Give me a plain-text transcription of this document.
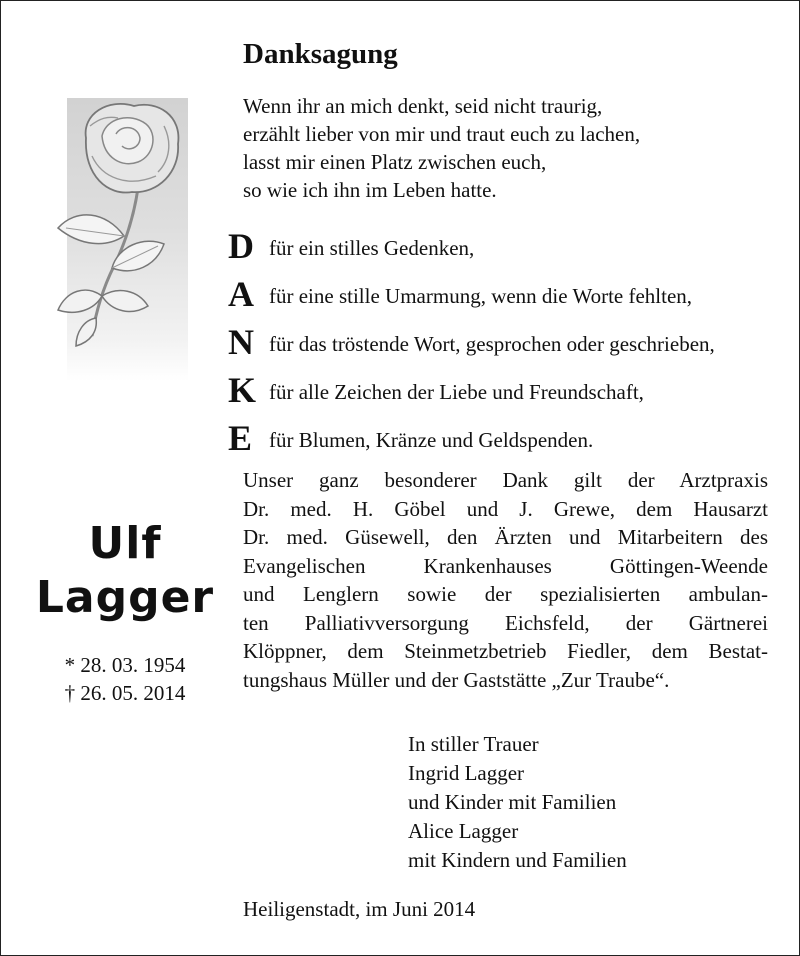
Ulf
Lagger
* 28. 03. 1954
† 26. 05. 2014
Danksagung
Wenn ihr an mich denkt, seid nicht traurig,
erzählt lieber von mir und traut euch zu lachen,
lasst mir einen Platz zwischen euch,
so wie ich ihn im Leben hatte.
D für ein stilles Gedenken,
A für eine stille Umarmung, wenn die Worte fehlten,
N für das tröstende Wort, gesprochen oder geschrieben,
K für alle Zeichen der Liebe und Freundschaft,
E für Blumen, Kränze und Geldspenden.
Unser ganz besonderer Dank gilt der Arztpraxis
Dr. med. H. Göbel und J. Grewe, dem Hausarzt
Dr. med. Güsewell, den Ärzten und Mitarbeitern des
Evangelischen Krankenhauses Göttingen-Weende
und Lenglern sowie der spezialisierten ambulan-
ten Palliativversorgung Eichsfeld, der Gärtnerei
Klöppner, dem Steinmetzbetrieb Fiedler, dem Bestat-
tungshaus Müller und der Gaststätte „Zur Traube“.
In stiller Trauer
Ingrid Lagger
und Kinder mit Familien
Alice Lagger
mit Kindern und Familien
Heiligenstadt, im Juni 2014
